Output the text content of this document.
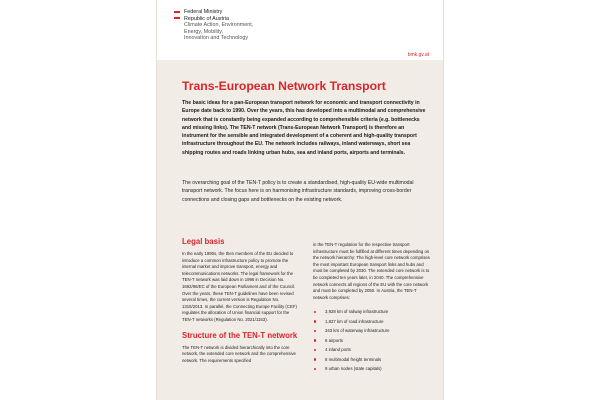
Federal Ministry
Republic of Austria
Climate Action, Environment,
Energy, Mobility,
Innovation and Technology
bmk.gv.at
Trans-European Network Transport

The basic ideas for a pan-European transport network for economic and transport connectivity in Europe date back to 1990. Over the years, this has developed into a multimodal and comprehensive network that is constantly being expanded according to comprehensible criteria (e.g. bottlenecks and missing links). The TEN-T network (Trans-European Network Transport) is therefore an instrument for the sensible and integrated development of a coherent and high-quality transport infrastructure throughout the EU. The network includes railways, inland waterways, short sea shipping routes and roads linking urban hubs, sea and inland ports, airports and terminals.

The overarching goal of the TEN-T policy is to create a standardised, high-quality EU-wide multimodal transport network. The focus here is on harmonising infrastructure standards, improving cross-border connections and closing gaps and bottlenecks on the existing network.

Legal basis

In the early 1990s, the then members of the EU decided to introduce a common infrastructure policy to promote the internal market and improve transport, energy and telecommunications networks. The legal framework for the TEN-T network was laid down in 1996 in Decision No. 1692/96/EC of the European Parliament and of the Council. Over the years, these TEN-T guidelines have been revised several times, the current version is Regulation No. 1315/2013. In parallel, the Connecting Europe Facility (CEF) regulates the allocation of Union financial support for the TEN-T networks (Regulation No. 2021/1153).

Structure of the TEN-T network

The TEN-T network is divided hierarchically into the core network, the extended core network and the comprehensive network. The requirements specified

in the TEN-T regulation for the respective transport infrastructure must be fulfilled at different times depending on the network hierarchy: The high-level core network comprises the most important European transport links and hubs and must be completed by 2030. The extended core network is to be completed ten years later, in 2040. The comprehensive network connects all regions of the EU with the core network and must be completed by 2050. In Austria, the TEN-T network comprises:

3,928 km of railway infrastructure
1,827 km of road infrastructure
343 km of waterway infrastructure
6 airports
4 inland ports
8 multimodal freight terminals
9 urban nodes (state capitals)
